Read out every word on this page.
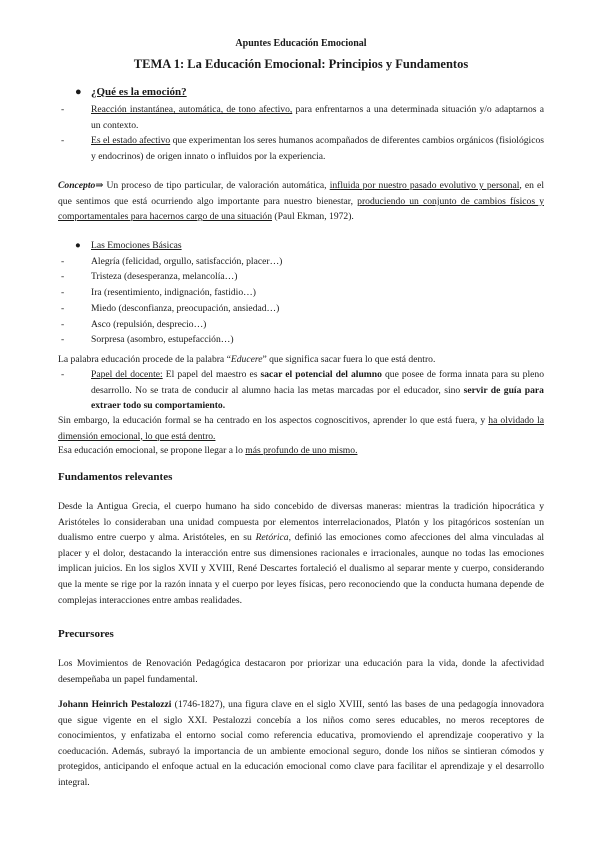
Apuntes Educación Emocional

TEMA 1: La Educación Emocional: Principios y Fundamentos

● ¿Qué es la emoción?
-	Reacción instantánea, automática, de tono afectivo, para enfrentarnos a una determinada situación y/o adaptarnos a un contexto.
-	Es el estado afectivo que experimentan los seres humanos acompañados de diferentes cambios orgánicos (fisiológicos y endocrinos) de origen innato o influidos por la experiencia.

Concepto⇒ Un proceso de tipo particular, de valoración automática, influida por nuestro pasado evolutivo y personal, en el que sentimos que está ocurriendo algo importante para nuestro bienestar, produciendo un conjunto de cambios físicos y comportamentales para hacernos cargo de una situación (Paul Ekman, 1972).

● Las Emociones Básicas
-	Alegría (felicidad, orgullo, satisfacción, placer…)
-	Tristeza (desesperanza, melancolía…)
-	Ira (resentimiento, indignación, fastidio…)
-	Miedo (desconfianza, preocupación, ansiedad…)
-	Asco (repulsión, desprecio…)
-	Sorpresa (asombro, estupefacción…)

La palabra educación procede de la palabra “Educere” que significa sacar fuera lo que está dentro.

-	Papel del docente: El papel del maestro es sacar el potencial del alumno que posee de forma innata para su pleno desarrollo. No se trata de conducir al alumno hacia las metas marcadas por el educador, sino servir de guía para extraer todo su comportamiento.

Sin embargo, la educación formal se ha centrado en los aspectos cognoscitivos, aprender lo que está fuera, y ha olvidado la dimensión emocional, lo que está dentro.

Esa educación emocional, se propone llegar a lo más profundo de uno mismo.

Fundamentos relevantes

Desde la Antigua Grecia, el cuerpo humano ha sido concebido de diversas maneras: mientras la tradición hipocrática y Aristóteles lo consideraban una unidad compuesta por elementos interrelacionados, Platón y los pitagóricos sostenían un dualismo entre cuerpo y alma. Aristóteles, en su Retórica, definió las emociones como afecciones del alma vinculadas al placer y el dolor, destacando la interacción entre sus dimensiones racionales e irracionales, aunque no todas las emociones implican juicios. En los siglos XVII y XVIII, René Descartes fortaleció el dualismo al separar mente y cuerpo, considerando que la mente se rige por la razón innata y el cuerpo por leyes físicas, pero reconociendo que la conducta humana depende de complejas interacciones entre ambas realidades.

Precursores

Los Movimientos de Renovación Pedagógica destacaron por priorizar una educación para la vida, donde la afectividad desempeñaba un papel fundamental.

Johann Heinrich Pestalozzi (1746-1827), una figura clave en el siglo XVIII, sentó las bases de una pedagogía innovadora que sigue vigente en el siglo XXI. Pestalozzi concebía a los niños como seres educables, no meros receptores de conocimientos, y enfatizaba el entorno social como referencia educativa, promoviendo el aprendizaje cooperativo y la coeducación. Además, subrayó la importancia de un ambiente emocional seguro, donde los niños se sintieran cómodos y protegidos, anticipando el enfoque actual en la educación emocional como clave para facilitar el aprendizaje y el desarrollo integral.
